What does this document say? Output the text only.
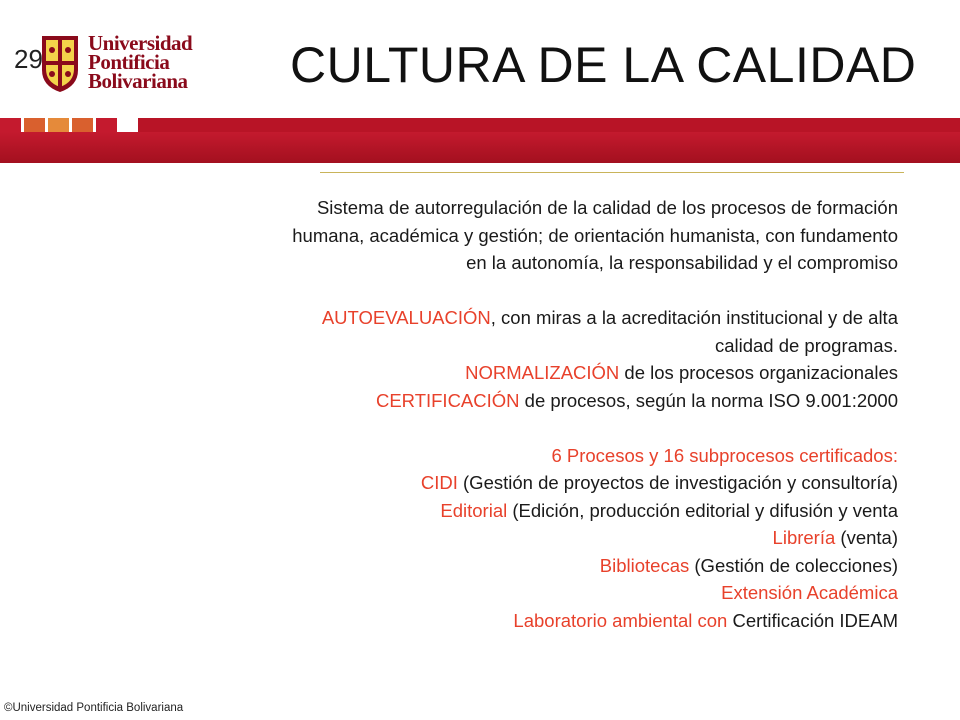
Universidad
Pontificia
Bolivariana
29	CULTURA DE LA CALIDAD

Sistema de autorregulación de la calidad de los procesos de formación

humana, académica y gestión; de orientación humanista, con fundamento

en la autonomía, la responsabilidad y el compromiso

AUTOEVALUACIÓN, con miras a la acreditación institucional y de alta

calidad de programas.

NORMALIZACIÓN de los procesos organizacionales

CERTIFICACIÓN de procesos, según la norma ISO 9.001:2000

6 Procesos y 16 subprocesos certificados:

CIDI (Gestión de proyectos de investigación y consultoría)

Editorial (Edición, producción editorial y difusión y venta

Librería (venta)

Bibliotecas (Gestión de colecciones)

Extensión Académica

Laboratorio ambiental con Certificación IDEAM

©Universidad Pontificia Bolivariana
